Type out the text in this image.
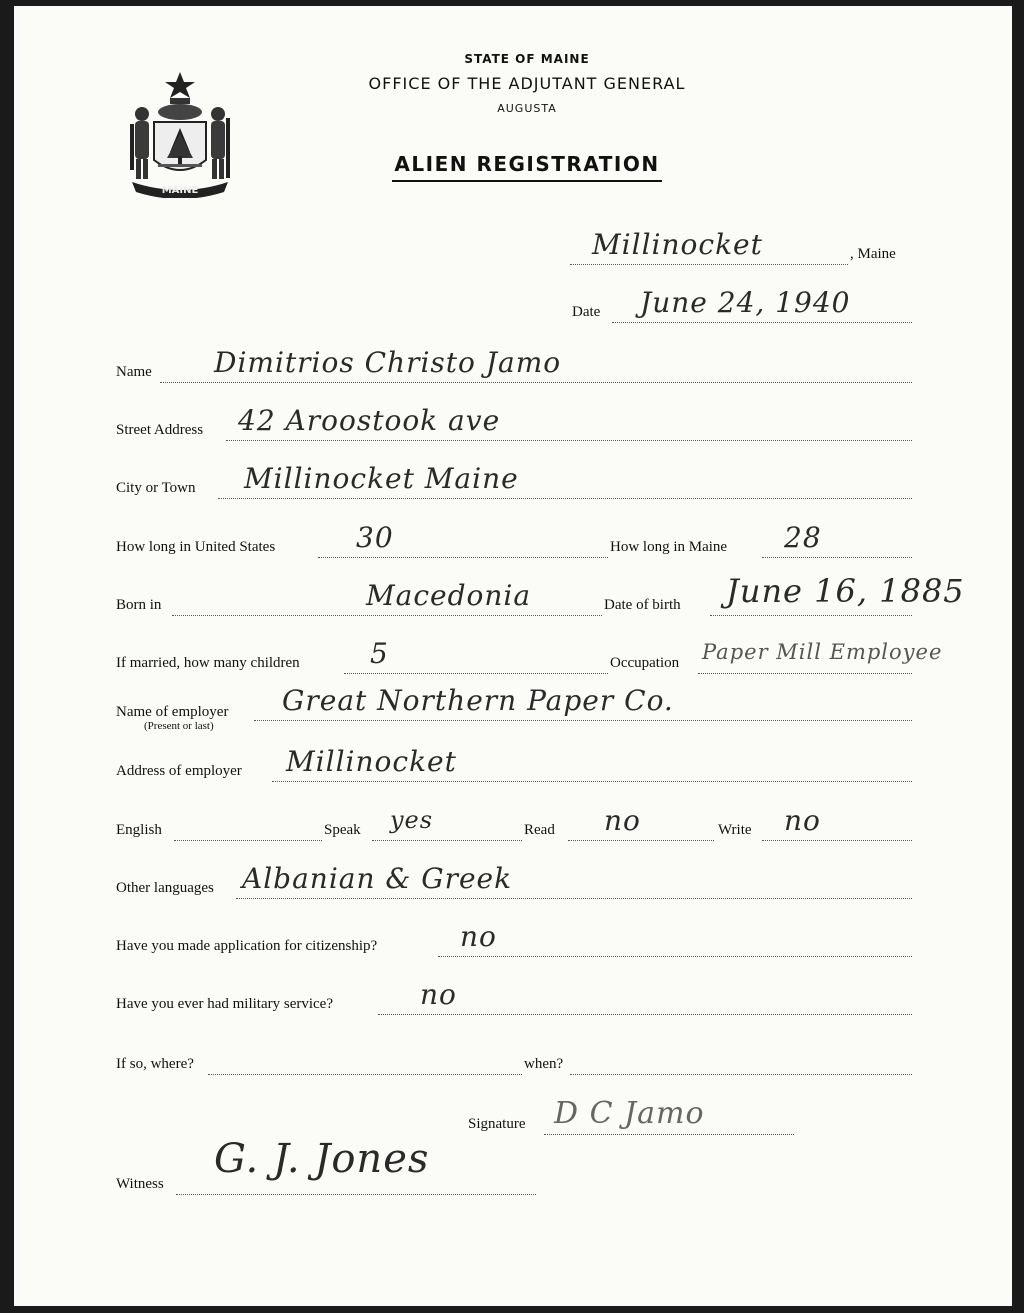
MAINE
STATE OF MAINE
OFFICE OF THE ADJUTANT GENERAL
AUGUSTA
ALIEN REGISTRATION
Millinocket	, Maine
Date June 24, 1940
Name Dimitrios Christo Jamo
Street Address 42 Aroostook ave
City or Town Millinocket Maine
How long in United States	30	How long in Maine 28
Born in	Macedonia	Date of birth June 16, 1885
If married, how many children	5	Occupation Paper Mill Employee
Name of employer
(Present or last)
Great Northern Paper Co.
Address of employer Millinocket
English	Speak yes	Read no	Write no
Other languages Albanian & Greek
Have you made application for citizenship?	no
Have you ever had military service?	no
If so, where?	when?
Signature D C Jamo
Witness
G. J. Jones
